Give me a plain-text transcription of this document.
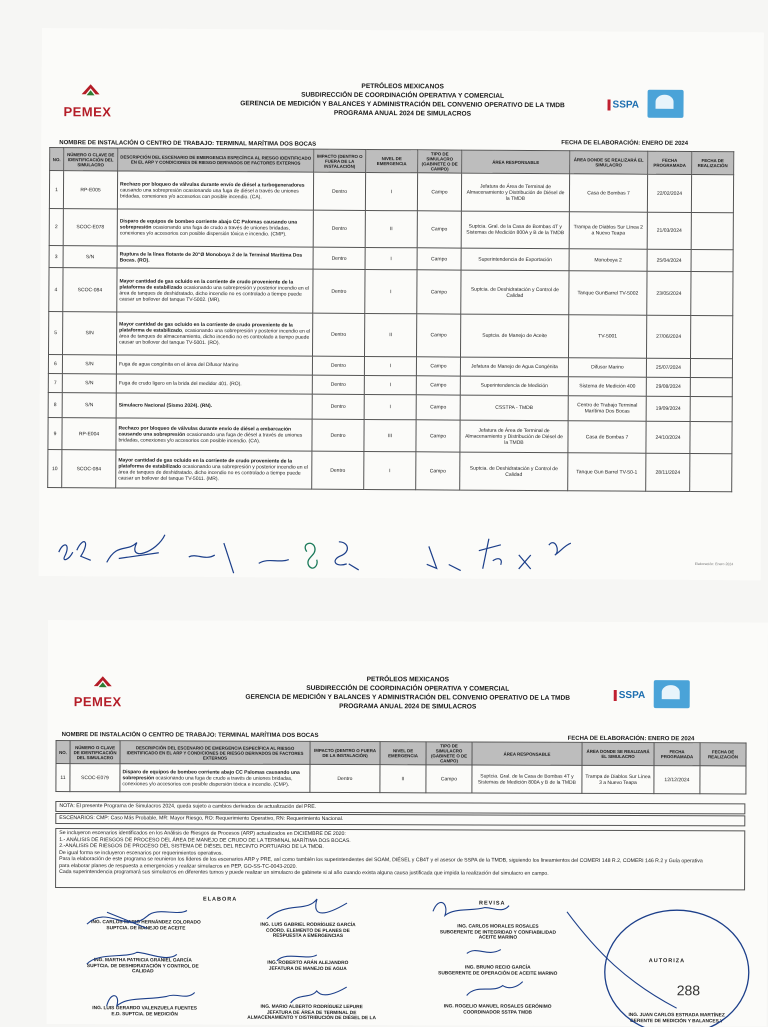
PETRÓLEOS MEXICANOS
SUBDIRECCIÓN DE COORDINACIÓN OPERATIVA Y COMERCIAL
GERENCIA DE MEDICIÓN Y BALANCES Y ADMINISTRACIÓN DEL CONVENIO OPERATIVO DE LA TMDB
PROGRAMA ANUAL 2024 DE SIMULACROS
PEMEX	SSPA
NOMBRE DE INSTALACIÓN O CENTRO DE TRABAJO: TERMINAL MARÍTIMA DOS BOCAS	FECHA DE ELABORACIÓN: ENERO DE 2024
NO.	NÚMERO O CLAVE DE IDENTIFICACIÓN DEL SIMULACRO	DESCRIPCIÓN DEL ESCENARIO DE EMERGENCIA ESPECÍFICA AL RIESGO IDENTIFICADO EN EL ARP Y CONDICIONES DE RIESGO DERIVADOS DE FACTORES EXTERNOS	IMPACTO (DENTRO O FUERA DE LA INSTALACIÓN)	NIVEL DE EMERGENCIA	TIPO DE SIMULACRO (GABINETE O DE CAMPO)	ÁREA RESPONSABLE	ÁREA DONDE SE REALIZARÁ EL SIMULACRO	FECHA PROGRAMADA	FECHA DE REALIZACIÓN
1	RP-E005	Rechazo por bloqueo de válvulas durante envío de diésel a turbogeneradores causando una sobrepresión ocasionando una fuga de diésel a través de uniones bridadas, conexiones y/o accesorios con posible incendio. (CA).	Dentro	I	Campo	Jefatura de Área de Terminal de Almacenamiento y Distribución de Diésel de la TMDB	Casa de Bombas 7	22/02/2024	
2	SCOC-E078	Disparo de equipos de bombeo corriente abajo CC Palomas causando una sobrepresión ocasionando una fuga de crudo a través de uniones bridadas, conexiones y/o accesorios con posible dispersión tóxica e incendio. (CMP).	Dentro	II	Campo	Suptcia. Gral. de la Casa de Bombas 4T y Sistemas de Medición 800A y B de la TMDB	Trampa de Diablos Sur Línea 2 a Nuevo Teapa	21/03/2024	
3	S/N	Ruptura de la línea flotante de 20"Ø Monoboya 2 de la Terminal Marítima Dos Bocas. (RO).	Dentro	I	Campo	Superintendencia de Exportación	Monoboya 2	25/04/2024	
4	SCOC-084	Mayor cantidad de gas ocluido en la corriente de crudo proveniente de la plataforma de estabilizado ocasionando una sobrepresión y posterior incendio en el área de tanques de deshidratado, dicho incendio no es controlado a tiempo puede causar un boilover del tanque TV-5002. (MR).	Dentro	I	Campo	Suptcia. de Deshidratación y Control de Calidad	Tanque GunBarrel TV-5002	23/05/2024	
5	S/N	Mayor cantidad de gas ocluido en la corriente de crudo proveniente de la plataforma de estabilizado, ocasionando una sobrepresión y posterior incendio en el área de tanques de almacenamiento, dicho incendio no es controlado a tiempo puede causar un boilover del tanque TV-5001. (RO).	Dentro	II	Campo	Suptcia. de Manejo de Aceite	TV-5001	27/06/2024	
6	S/N	Fuga de agua congénita en el área del Difusor Marino	Dentro	I	Campo	Jefatura de Manejo de Agua Congénita	Difusor Marino	25/07/2024	
7	S/N	Fuga de crudo ligero en la brida del medidor 401. (RO).	Dentro	I	Campo	Superintendencia de Medición	Sistema de Medición 400	29/08/2024	
8	S/N	Simulacro Nacional (Sismo 2024). (RN).	Dentro	I	Campo	CSSTPA - TMDB	Centro de Trabajo Terminal Marítima Dos Bocas	19/09/2024	
9	RP-E004	Rechazo por bloqueo de válvulas durante envío de diésel a embarcación causando una sobrepresión ocasionando una fuga de diésel a través de uniones bridadas, conexiones y/o accesorios con posible incendio. (CA).	Dentro	III	Campo	Jefatura de Área de Terminal de Almacenamiento y Distribución de Diésel de la TMDB	Casa de Bombas 7	24/10/2024	
10	SCOC-084	Mayor cantidad de gas ocluido en la corriente de crudo proveniente de la plataforma de estabilizado ocasionando una sobrepresión y posterior incendio en el área de tanques de deshidratado, dicho incendio no es controlado a tiempo puede causar un boilover del tanque TV-5011. (MR).	Dentro	I	Campo	Suptcia. de Deshidratación y Control de Calidad	Tanque Gun Barrel TV-50-1	28/11/2024	
Elaboración: Enero 2024
PETRÓLEOS MEXICANOS
SUBDIRECCIÓN DE COORDINACIÓN OPERATIVA Y COMERCIAL
GERENCIA DE MEDICIÓN Y BALANCES Y ADMINISTRACIÓN DEL CONVENIO OPERATIVO DE LA TMDB
PROGRAMA ANUAL 2024 DE SIMULACROS
PEMEX	SSPA
NOMBRE DE INSTALACIÓN O CENTRO DE TRABAJO: TERMINAL MARÍTIMA DOS BOCAS
FECHA DE ELABORACIÓN: ENERO DE 2024
NO.	NÚMERO O CLAVE DE IDENTIFICACIÓN DEL SIMULACRO	DESCRIPCIÓN DEL ESCENARIO DE EMERGENCIA ESPECÍFICA AL RIESGO IDENTIFICADO EN EL ARP Y CONDICIONES DE RIESGO DERIVADOS DE FACTORES EXTERNOS	IMPACTO (DENTRO O FUERA DE LA INSTALACIÓN)	NIVEL DE EMERGENCIA	TIPO DE SIMULACRO (GABINETE O DE CAMPO)	ÁREA RESPONSABLE	ÁREA DONDE SE REALIZARÁ EL SIMULACRO	FECHA PROGRAMADA	FECHA DE REALIZACIÓN
11	SCOC-E079	Disparo de equipos de bombeo corriente abajo CC Palomas causando una sobrepresión ocasionando una fuga de crudo a través de uniones bridadas, conexiones y/o accesorios con posible dispersión tóxica e incendio. (CMP).	Dentro	II	Campo	Suptcia. Gral. de la Casa de Bombas 4T y Sistemas de Medición 800A y B de la TMDB	Trampa de Diablos Sur Línea 3 a Nuevo Teapa	12/12/2024	
NOTA: El presente Programa de Simulacros 2024, queda sujeto a cambios derivados de actualización del PRE.
ESCENARIOS: CMP: Caso Más Probable, MR: Mayor Riesgo, RO: Requerimiento Operativo, RN: Requerimiento Nacional.
Se incluyeron escenarios identificados en los Análisis de Riesgos de Procesos (ARP) actualizados en DICIEMBRE DE 2020:
1.- ANÁLISIS DE RIESGOS DE PROCESO DEL ÁREA DE MANEJO DE CRUDO DE LA TERMINAL MARÍTIMA DOS BOCAS.
2.-ANÁLISIS DE RIESGOS DE PROCESO DEL SISTEMA DE DIÉSEL DEL RECINTO PORTUARIO DE LA TMDB.
De igual forma se incluyeron escenarios por requerimientos operativos.
Para la elaboración de este programa se reunieron los líderes de los escenarios ARP y PRE, así como también los superintendentes del SOAM, DIÉSEL y CB4T y el asesor de SSPA de la TMDB, siguiendo los lineamientos del COMERI 148 R.2, COMERI 146 R.2 y Guía operativa
para elaborar planes de respuesta a emergencias y realizar simulacros en PEP, GO-SS-TC-0043-2020.
Cada superintendencia programará sus simulacros en diferentes turnos y puede realizar un simulacro de gabinete si al año cuando exista alguna causa justificada que impida la realización del simulacro en campo.
ELABORA
REVISA
AUTORIZA
ING. CARLOS MARIO HERNÁNDEZ COLORADO
SUPTCIA. DE MANEJO DE ACEITE
ING. LUIS GABRIEL RODRÍGUEZ GARCÍA
COORD. ELEMENTO DE PLANES DE
RESPUESTA A EMERGENCIAS
ING. MARTHA PATRICIA GRANIEL GARCÍA
SUPTCIA. DE DESHIDRATACIÓN Y CONTROL DE
CALIDAD
ING. ROBERTO ARÁN ALEJANDRO
JEFATURA DE MANEJO DE AGUA
ING. LUIS GERARDO VALENZUELA FUENTES
E.D. SUPTCIA. DE MEDICIÓN
ING. MARIO ALBERTO RODRÍGUEZ LEPURE
JEFATURA DE ÁREA DE TERMINAL DE
ALMACENAMIENTO Y DISTRIBUCIÓN DE DIÉSEL DE LA
ING. CARLOS MORALES ROSALES
SUBGERENTE DE INTEGRIDAD Y CONFIABILIDAD
ACEITE MARINO
ING. BRUNO RECIO GARCÍA
SUBGERENTE DE OPERACIÓN DE ACEITE MARINO
ING. ROGELIO MANUEL ROSALES GERÓNIMO
COORDINADOR SSTPA TMDB
ING. JUAN CARLOS ESTRADA MARTÍNEZ
GERENTE DE MEDICIÓN Y BALANCES Y
288
